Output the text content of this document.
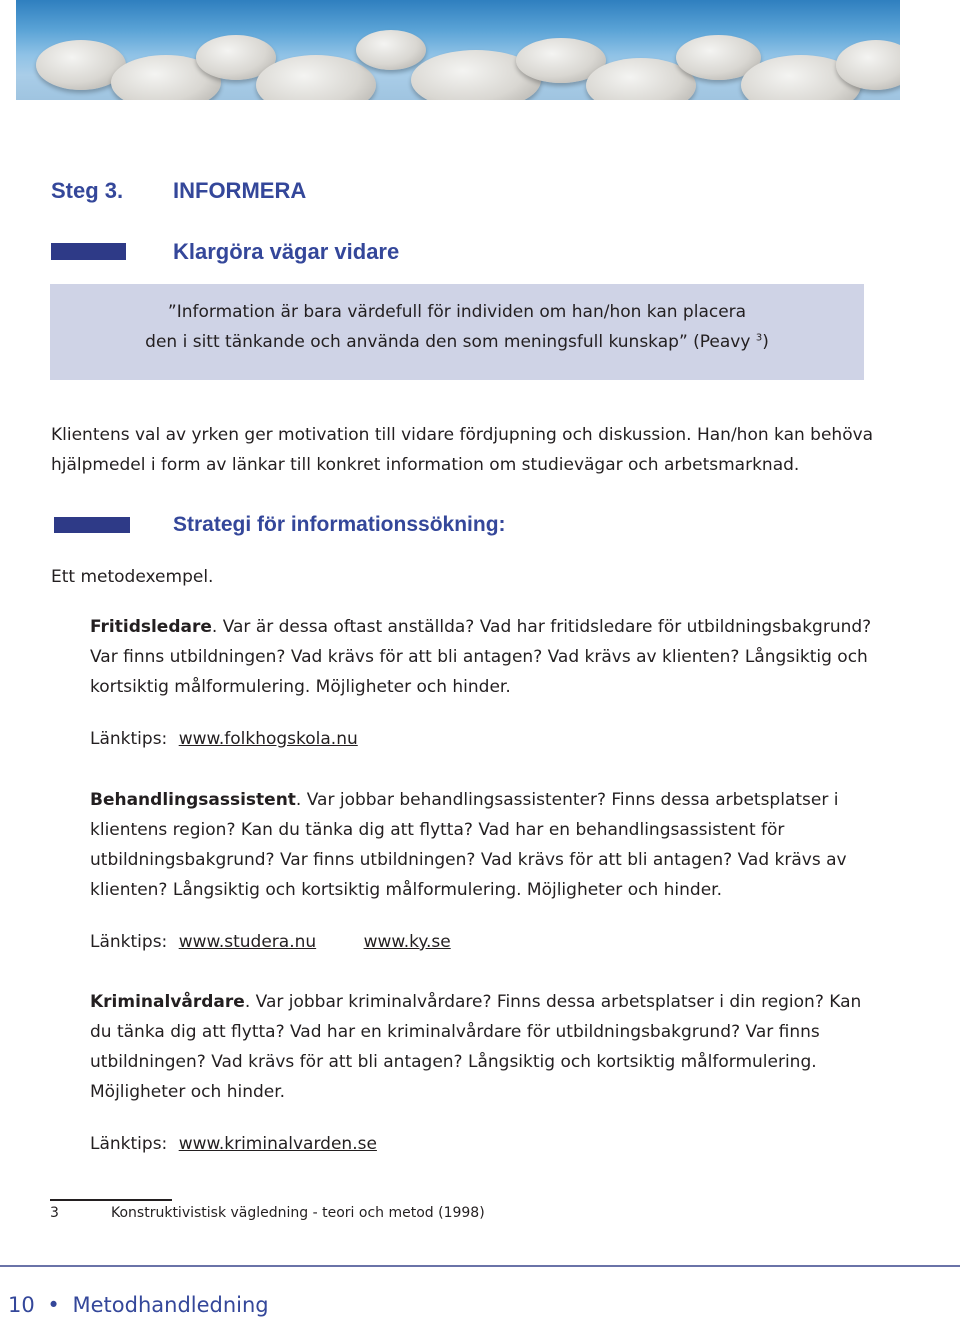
Steg 3. INFORMERA
Klargöra vägar vidare
”Information är bara värdefull för individen om han/hon kan placera
den i sitt tänkande och använda den som meningsfull kunskap” (Peavy $^3$)
Klientens val av yrken ger motivation till vidare fördjupning och diskussion. Han/hon kan behöva
hjälpmedel i form av länkar till konkret information om studievägar och arbetsmarknad.
Strategi för informationssökning:
Ett metodexempel.
Fritidsledare. Var är dessa oftast anställda? Vad har fritidsledare för utbildningsbakgrund?
Var finns utbildningen? Vad krävs för att bli antagen? Vad krävs av klienten? Långsiktig och
kortsiktig målformulering. Möjligheter och hinder.
Länktips: www.folkhogskola.nu
Behandlingsassistent. Var jobbar behandlingsassistenter? Finns dessa arbetsplatser i
klientens region? Kan du tänka dig att flytta? Vad har en behandlingsassistent för
utbildningsbakgrund? Var finns utbildningen? Vad krävs för att bli antagen? Vad krävs av
klienten? Långsiktig och kortsiktig målformulering. Möjligheter och hinder.
Länktips: www.studera.nu	www.ky.se
Kriminalvårdare. Var jobbar kriminalvårdare? Finns dessa arbetsplatser i din region? Kan
du tänka dig att flytta? Vad har en kriminalvårdare för utbildningsbakgrund? Var finns
utbildningen? Vad krävs för att bli antagen? Långsiktig och kortsiktig målformulering.
Möjligheter och hinder.
Länktips: www.kriminalvarden.se
3	Konstruktivistisk vägledning - teori och metod (1998)
10 • Metodhandledning
